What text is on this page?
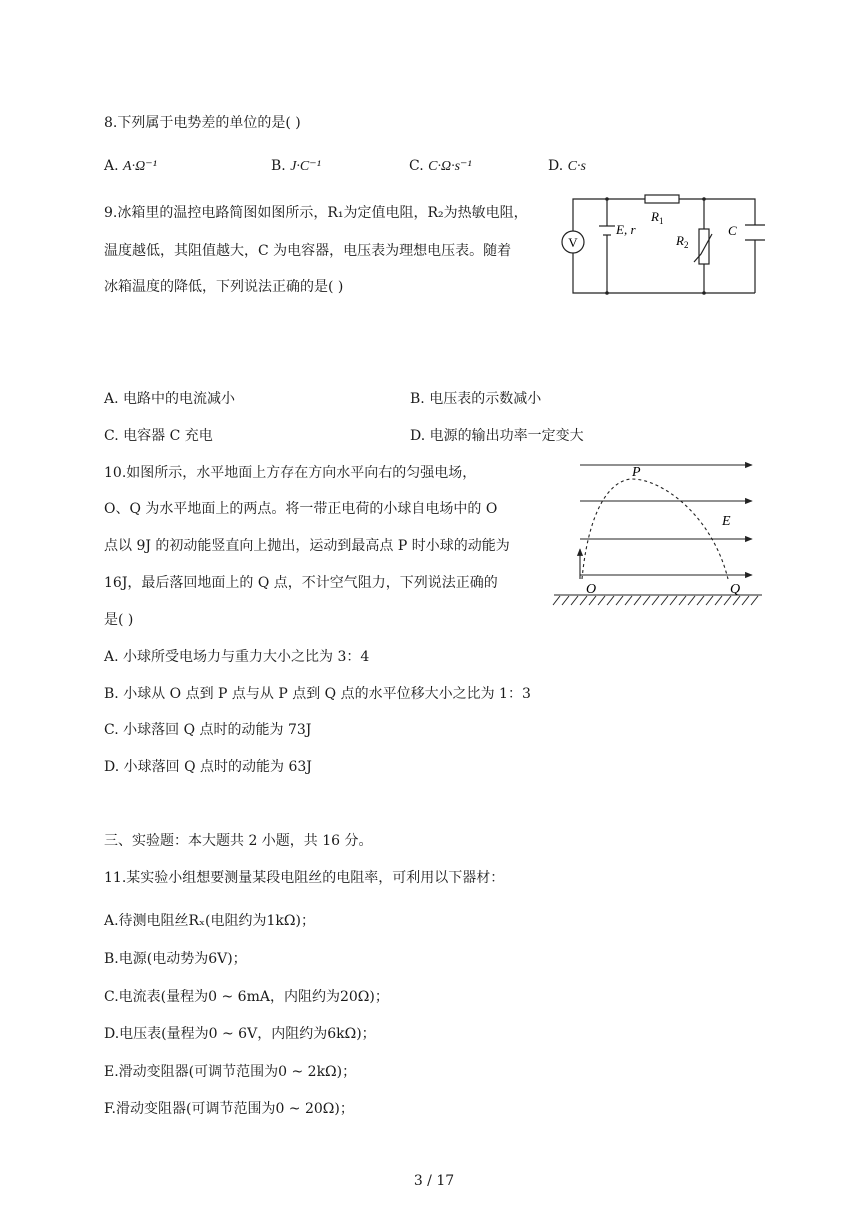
8.下列属于电势差的单位的是( )
A. A·Ω⁻¹	B. J·C⁻¹	C. C·Ω·s⁻¹	D. C·s
9.冰箱里的温控电路简图如图所示，R₁为定值电阻，R₂为热敏电阻，
温度越低，其阻值越大，C 为电容器，电压表为理想电压表。随着
冰箱温度的降低，下列说法正确的是( )
V
E, r
$R_1$
$R_2$
C
A. 电路中的电流减小	B. 电压表的示数减小
C. 电容器 C 充电	D. 电源的输出功率一定变大
10.如图所示，水平地面上方存在方向水平向右的匀强电场，
O、Q 为水平地面上的两点。将一带正电荷的小球自电场中的 O
点以 9J 的初动能竖直向上抛出，运动到最高点 P 时小球的动能为
16J，最后落回地面上的 Q 点，不计空气阻力，下列说法正确的
是( )
P
E
O	Q
A. 小球所受电场力与重力大小之比为 3：4
B. 小球从 O 点到 P 点与从 P 点到 Q 点的水平位移大小之比为 1：3
C. 小球落回 Q 点时的动能为 73J
D. 小球落回 Q 点时的动能为 63J
三、实验题：本大题共 2 小题，共 16 分。
11.某实验小组想要测量某段电阻丝的电阻率，可利用以下器材：
A.待测电阻丝Rₓ(电阻约为1kΩ)；
B.电源(电动势为6V)；
C.电流表(量程为0 ~ 6mA，内阻约为20Ω)；
D.电压表(量程为0 ~ 6V，内阻约为6kΩ)；
E.滑动变阻器(可调节范围为0 ~ 2kΩ)；
F.滑动变阻器(可调节范围为0 ~ 20Ω)；
3 / 17
